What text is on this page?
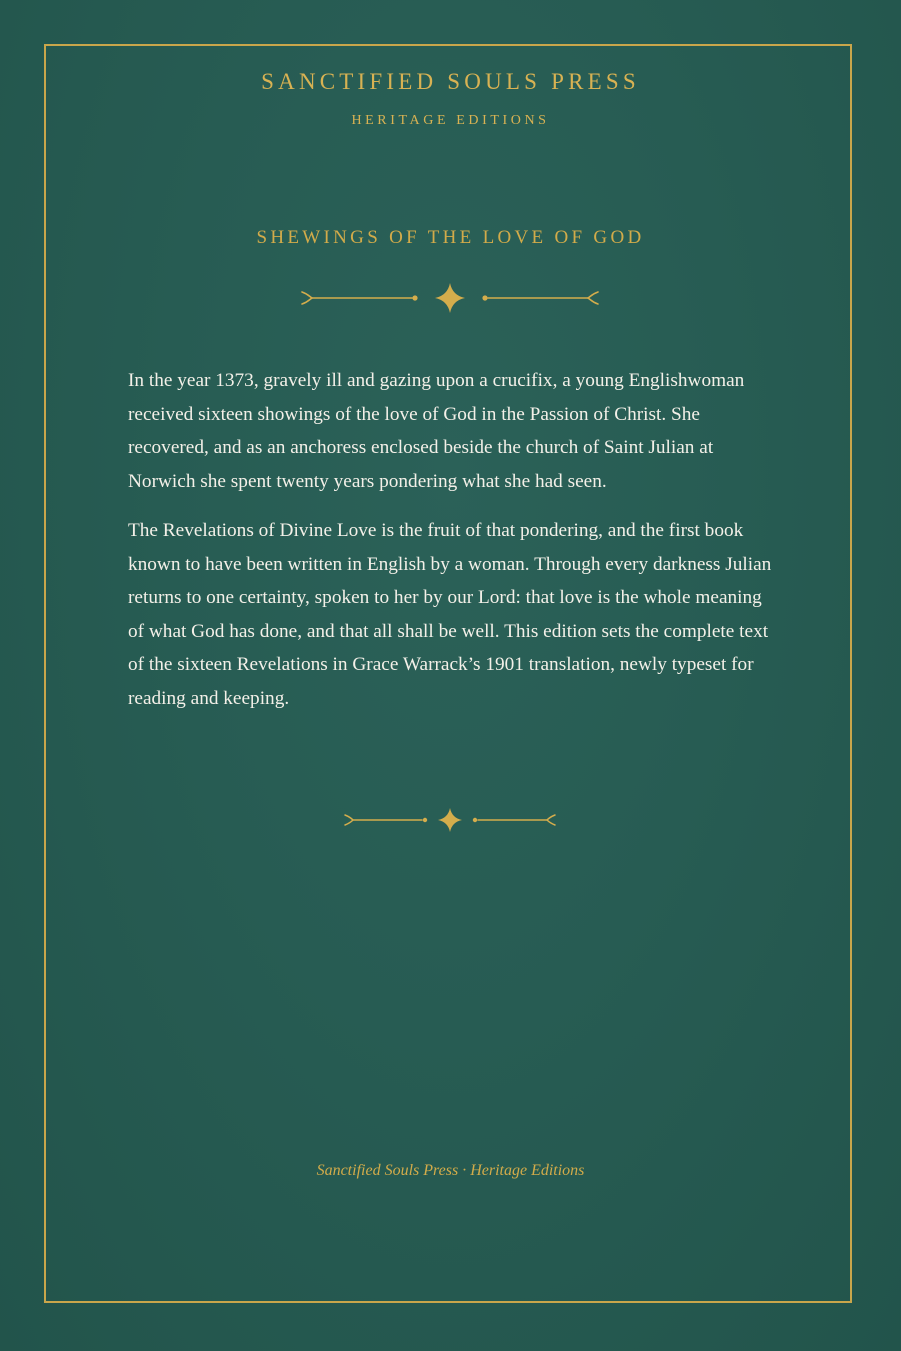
SANCTIFIED SOULS PRESS
HERITAGE EDITIONS
SHEWINGS OF THE LOVE OF GOD

In the year 1373, gravely ill and gazing upon a crucifix, a young Englishwoman received sixteen showings of the love of God in the Passion of Christ. She recovered, and as an anchoress enclosed beside the church of Saint Julian at Norwich she spent twenty years pondering what she had seen.

The Revelations of Divine Love is the fruit of that pondering, and the first book known to have been written in English by a woman. Through every darkness Julian returns to one certainty, spoken to her by our Lord: that love is the whole meaning of what God has done, and that all shall be well. This edition sets the complete text of the sixteen Revelations in Grace Warrack’s 1901 translation, newly typeset for reading and keeping.

Sanctified Souls Press · Heritage Editions
